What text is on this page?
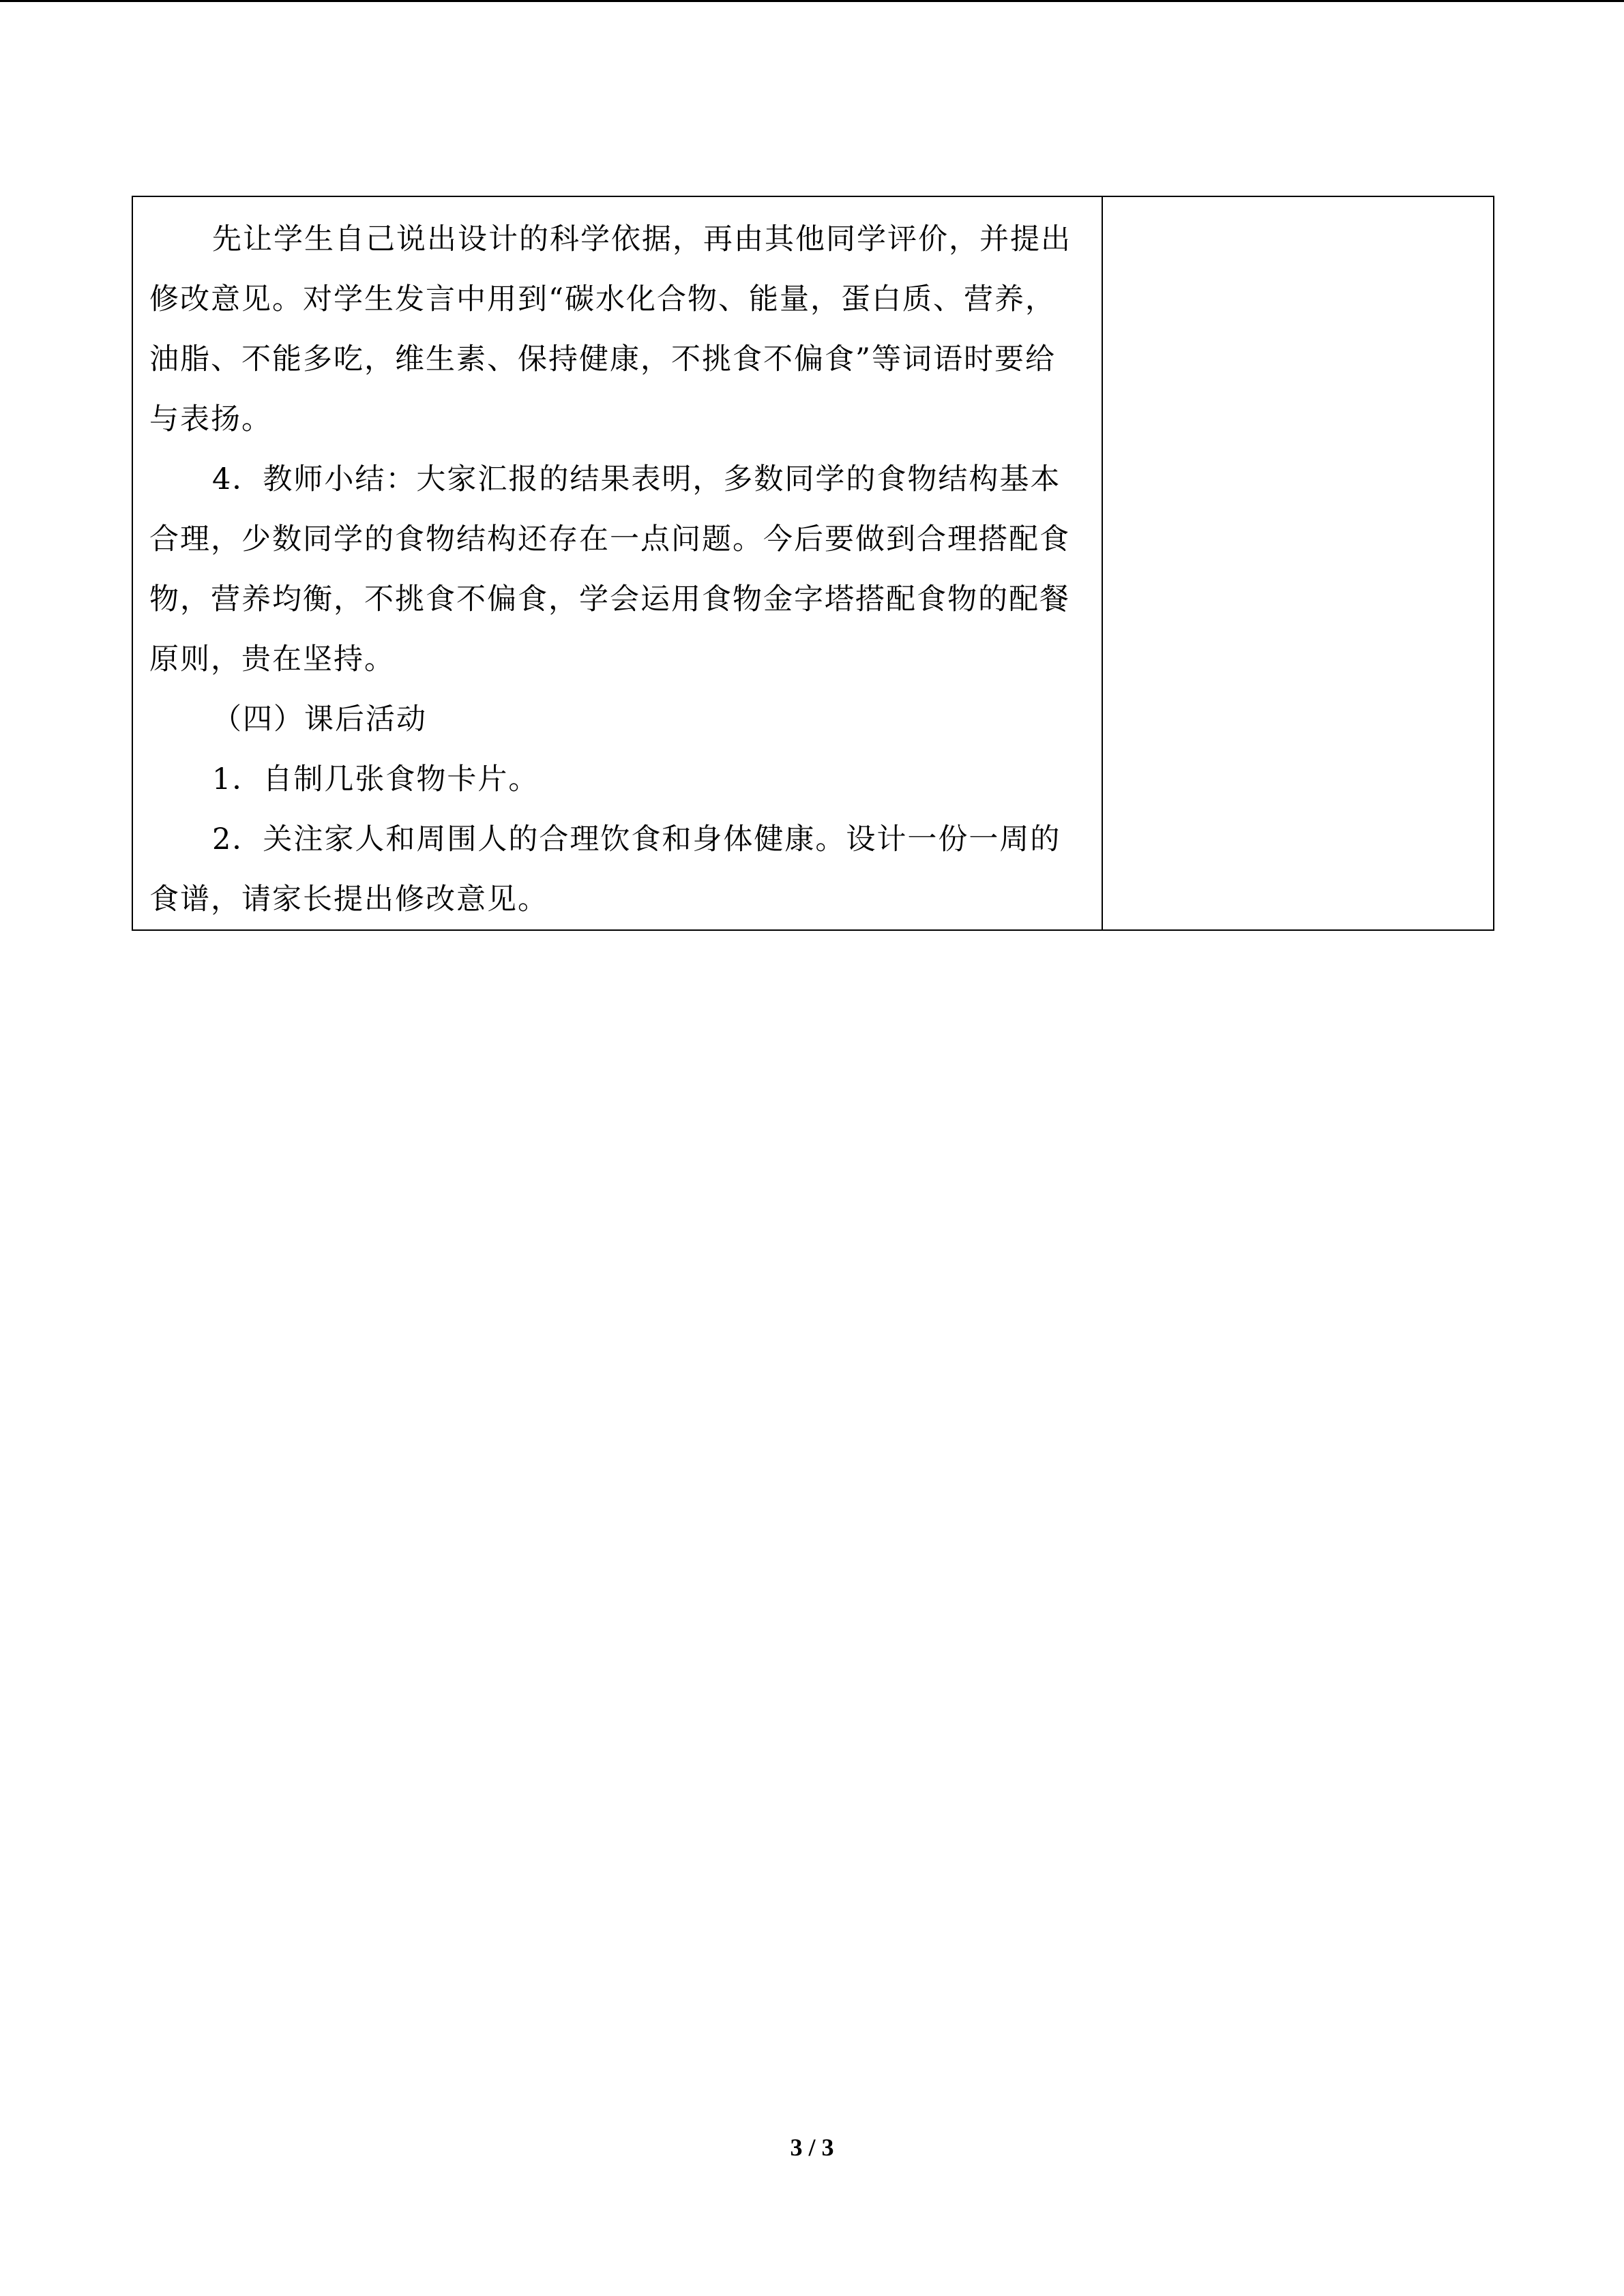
先让学生自己说出设计的科学依据，再由其他同学评价，并提出修改意见。对学生发言中用到“碳水化合物、能量，蛋白质、营养，油脂、不能多吃，维生素、保持健康，不挑食不偏食”等词语时要给与表扬。

4．教师小结：大家汇报的结果表明，多数同学的食物结构基本合理，少数同学的食物结构还存在一点问题。今后要做到合理搭配食物，营养均衡，不挑食不偏食，学会运用食物金字塔搭配食物的配餐原则，贵在坚持。

（四）课后活动

1．自制几张食物卡片。

2．关注家人和周围人的合理饮食和身体健康。设计一份一周的食谱，请家长提出修改意见。

3 / 3
